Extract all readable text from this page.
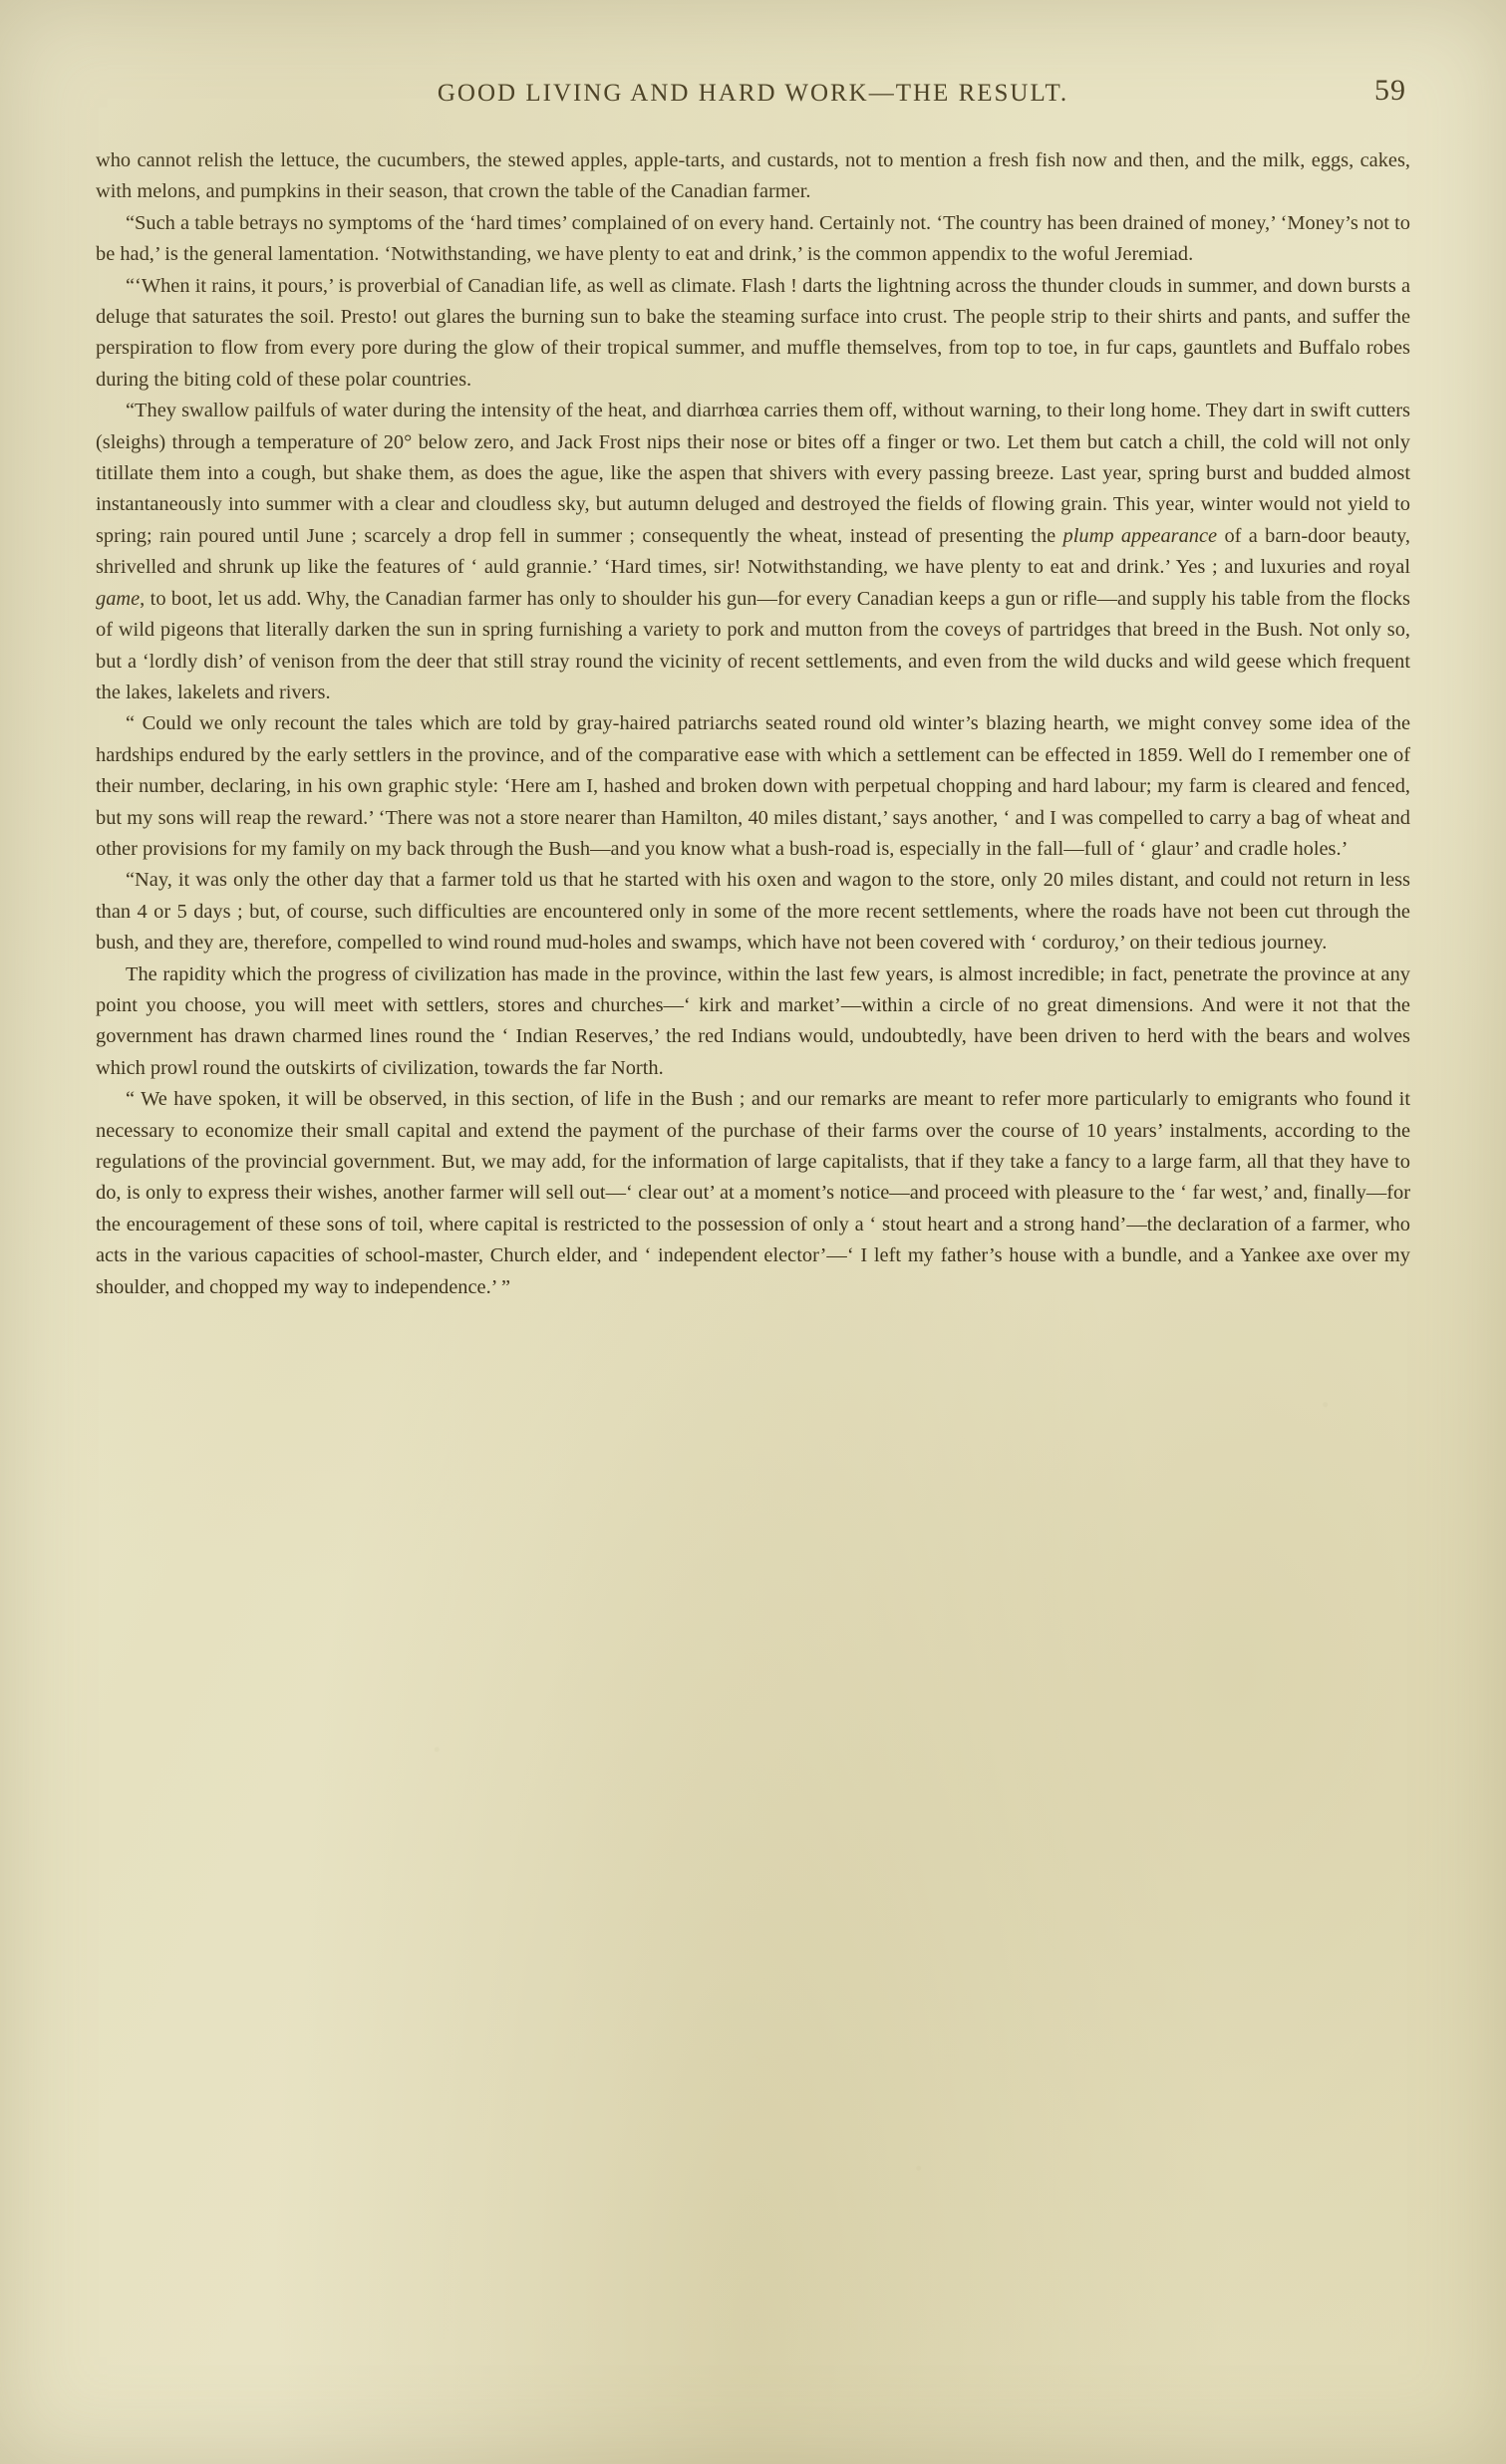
GOOD LIVING AND HARD WORK—THE RESULT.	59

who cannot relish the lettuce, the cucumbers, the stewed apples, apple-tarts, and custards, not to mention a fresh fish now and then, and the milk, eggs, cakes, with melons, and pumpkins in their season, that crown the table of the Canadian farmer.

“Such a table betrays no symptoms of the ‘hard times’ complained of on every hand. Certainly not. ‘The country has been drained of money,’ ‘Money’s not to be had,’ is the general lamentation. ‘Notwithstanding, we have plenty to eat and drink,’ is the common appendix to the woful Jeremiad.

“‘When it rains, it pours,’ is proverbial of Canadian life, as well as climate. Flash ! darts the lightning across the thunder clouds in summer, and down bursts a deluge that saturates the soil. Presto! out glares the burning sun to bake the steaming surface into crust. The people strip to their shirts and pants, and suffer the perspiration to flow from every pore during the glow of their tropical summer, and muffle themselves, from top to toe, in fur caps, gauntlets and Buffalo robes during the biting cold of these polar countries.

“They swallow pailfuls of water during the intensity of the heat, and diarrhœa carries them off, without warning, to their long home. They dart in swift cutters (sleighs) through a temperature of 20° below zero, and Jack Frost nips their nose or bites off a finger or two. Let them but catch a chill, the cold will not only titillate them into a cough, but shake them, as does the ague, like the aspen that shivers with every passing breeze. Last year, spring burst and budded almost instantaneously into summer with a clear and cloudless sky, but autumn deluged and destroyed the fields of flowing grain. This year, winter would not yield to spring; rain poured until June ; scarcely a drop fell in summer ; consequently the wheat, instead of presenting the plump appearance of a barn-door beauty, shrivelled and shrunk up like the features of ‘ auld grannie.’ ‘Hard times, sir! Notwithstanding, we have plenty to eat and drink.’ Yes ; and luxuries and royal game, to boot, let us add. Why, the Canadian farmer has only to shoulder his gun—for every Canadian keeps a gun or rifle—and supply his table from the flocks of wild pigeons that literally darken the sun in spring furnishing a variety to pork and mutton from the coveys of partridges that breed in the Bush. Not only so, but a ‘lordly dish’ of venison from the deer that still stray round the vicinity of recent settlements, and even from the wild ducks and wild geese which frequent the lakes, lakelets and rivers.

“ Could we only recount the tales which are told by gray-haired patriarchs seated round old winter’s blazing hearth, we might convey some idea of the hardships endured by the early settlers in the province, and of the comparative ease with which a settlement can be effected in 1859. Well do I remember one of their number, declaring, in his own graphic style: ‘Here am I, hashed and broken down with perpetual chopping and hard labour; my farm is cleared and fenced, but my sons will reap the reward.’ ‘There was not a store nearer than Hamilton, 40 miles distant,’ says another, ‘ and I was compelled to carry a bag of wheat and other provisions for my family on my back through the Bush—and you know what a bush-road is, especially in the fall—full of ‘ glaur’ and cradle holes.’

“Nay, it was only the other day that a farmer told us that he started with his oxen and wagon to the store, only 20 miles distant, and could not return in less than 4 or 5 days ; but, of course, such difficulties are encountered only in some of the more recent settlements, where the roads have not been cut through the bush, and they are, therefore, compelled to wind round mud-holes and swamps, which have not been covered with ‘ corduroy,’ on their tedious journey.

The rapidity which the progress of civilization has made in the province, within the last few years, is almost incredible; in fact, penetrate the province at any point you choose, you will meet with settlers, stores and churches—‘ kirk and market’—within a circle of no great dimensions. And were it not that the government has drawn charmed lines round the ‘ Indian Reserves,’ the red Indians would, undoubtedly, have been driven to herd with the bears and wolves which prowl round the outskirts of civilization, towards the far North.

“ We have spoken, it will be observed, in this section, of life in the Bush ; and our remarks are meant to refer more particularly to emigrants who found it necessary to economize their small capital and extend the payment of the purchase of their farms over the course of 10 years’ instalments, according to the regulations of the provincial government. But, we may add, for the information of large capitalists, that if they take a fancy to a large farm, all that they have to do, is only to express their wishes, another farmer will sell out—‘ clear out’ at a moment’s notice—and proceed with pleasure to the ‘ far west,’ and, finally—for the encouragement of these sons of toil, where capital is restricted to the possession of only a ‘ stout heart and a strong hand’—the declaration of a farmer, who acts in the various capacities of school-master, Church elder, and ‘ independent elector’—‘ I left my father’s house with a bundle, and a Yankee axe over my shoulder, and chopped my way to independence.’ ”
